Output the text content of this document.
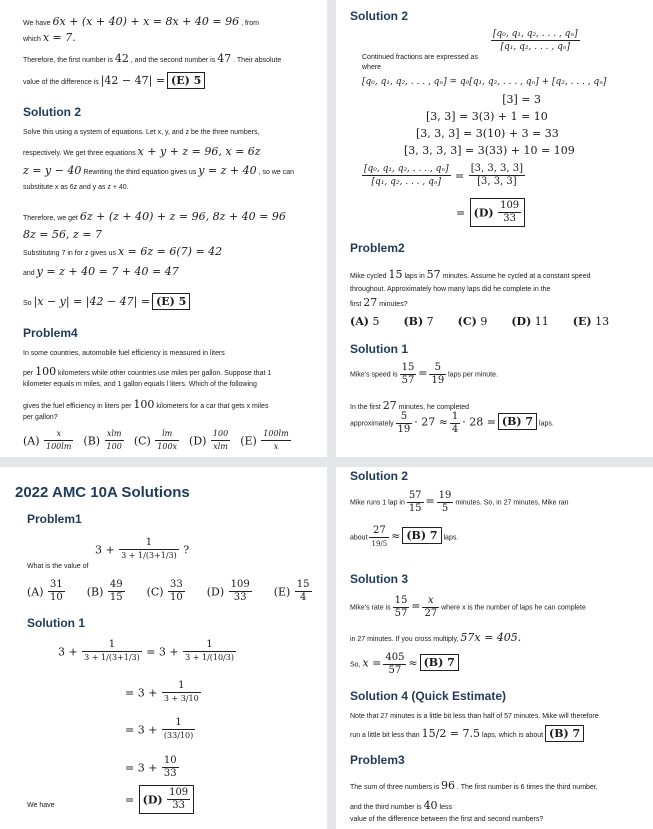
We have 6x + (x + 40) + x = 8x + 40 = 96 , from
which x = 7.
Therefore, the first number is 42 , and the second number is 47 . Their absolute
value of the difference is |42 − 47| = (E) 5
Solution 2
Solve this using a system of equations. Let x, y, and z be the three numbers,
respectively. We get three equations x + y + z = 96, x = 6z
z = y − 40 Rewriting the third equation gives us y = z + 40 , so we can
substitute x as 6z and y as z + 40.
Therefore, we get 6z + (z + 40) + z = 96, 8z + 40 = 96
8z = 56, z = 7
Substituting 7 in for z gives us x = 6z = 6(7) = 42
and y = z + 40 = 7 + 40 = 47
So |x − y| = |42 − 47| = (E) 5
Problem4
In some countries, automobile fuel efficiency is measured in liters
per 100 kilometers while other countries use miles per gallon. Suppose that 1
kilometer equals m miles, and 1 gallon equals l liters. Which of the following
gives the fuel efficiency in liters per 100 kilometers for a car that gets x miles
per gallon?
$(A) \frac{x}{100lm} (B) \frac{\text{xlm}}{100} (C) \frac{lm}{100x} (D) \frac{100}{\text{xlm}} (E) \frac{100lm}{x}$
2022 AMC 10A Solutions
Problem1
$3 + \frac{1}{3 + 1/(3+1/3)}$ ?
What is the value of
$(A) \frac{31}{10} (B) \frac{49}{15} (C) \frac{33}{10} (D) \frac{109}{33} (E) \frac{15}{4}$
Solution 1
$3 + \frac{1}{3 + 1/(3+1/3)} = 3 + \frac{1}{3 + 1/(10/3)}$
= $3 + \frac{1}{3 + 3/10}$
= $3 + \frac{1}{(33/10)}$
= $3 + \frac{10}{33}$
= $(D) \frac{109}{33}$
We have
Solution 2
$\frac{\text{[q₀, q₁, q₂, . . . , qₙ]}}{\text{[q₁, q₂, . . . , qₙ]}}$
Continued fractions are expressed as
where
[q₀, q₁, q₂, . . . , qₙ] = q₀[q₁, q₂, . . . , qₙ] + [q₂, . . . , qₙ]
[3] = 3
[3, 3] = 3(3) + 1 = 10
[3, 3, 3] = 3(10) + 3 = 33
[3, 3, 3, 3] = 3(33) + 10 = 109
$\frac{\text{[q₀, q₁, q₂, . . . , qₙ]}}{\text{[q₁, q₂, . . . , qₙ]}} = \frac{[3, 3, 3, 3]}{[3, 3, 3]}$
= $(D) \frac{109}{33}$
Problem2
Mike cycled 15 laps in 57 minutes. Assume he cycled at a constant speed
throughout. Approximately how many laps did he complete in the
first 27 minutes?
(A) 5 (B) 7 (C) 9 (D) 11 (E) 13
Solution 1
Mike's speed is $\frac{15}{57} = \frac{5}{19}$ laps per minute.
In the first 27 minutes, he completed
approximately $\frac{5}{19} \cdot 27 \approx \frac{1}{4} \cdot 28 = (B)$ 7 laps.
Solution 2
Mike runs 1 lap in $\frac{57}{15} = \frac{19}{5}$ minutes. So, in 27 minutes, Mike ran
about $\frac{27}{19/5} \approx (B)$ 7 laps.
Solution 3
Mike's rate is $\frac{15}{57} = \frac{x}{27}$ where x is the number of laps he can complete
in 27 minutes. If you cross multiply, 57x = 405.
So, $x = \frac{405}{57} \approx (B)$ 7
Solution 4 (Quick Estimate)
Note that 27 minutes is a little bit less than half of 57 minutes. Mike will therefore
run a little bit less than 15/2 = 7.5 laps, which is about (B) 7
Problem3
The sum of three numbers is 96 . The first number is 6 times the third number,
and the third number is 40 less
value of the difference between the first and second numbers?
